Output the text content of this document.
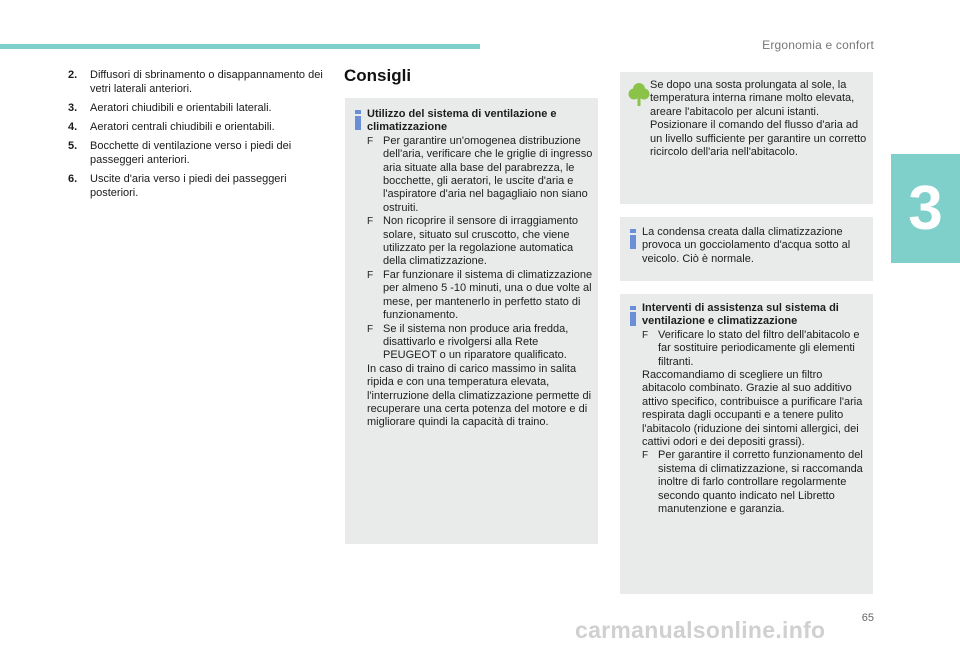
Ergonomia e confort
3
2. Diffusori di sbrinamento o disappannamento dei vetri laterali anteriori.
3. Aeratori chiudibili e orientabili laterali.
4. Aeratori centrali chiudibili e orientabili.
5. Bocchette di ventilazione verso i piedi dei passeggeri anteriori.
6. Uscite d'aria verso i piedi dei passeggeri posteriori.
Consigli
Utilizzo del sistema di ventilazione e climatizzazione
F Per garantire un'omogenea distribuzione dell'aria, verificare che le griglie di ingresso aria situate alla base del parabrezza, le bocchette, gli aeratori, le uscite d'aria e l'aspiratore d'aria nel bagagliaio non siano ostruiti.
F Non ricoprire il sensore di irraggiamento solare, situato sul cruscotto, che viene utilizzato per la regolazione automatica della climatizzazione.
F Far funzionare il sistema di climatizzazione per almeno 5 -10 minuti, una o due volte al mese, per mantenerlo in perfetto stato di funzionamento.
F Se il sistema non produce aria fredda, disattivarlo e rivolgersi alla Rete PEUGEOT o un riparatore qualificato.
In caso di traino di carico massimo in salita ripida e con una temperatura elevata, l'interruzione della climatizzazione permette di recuperare una certa potenza del motore e di migliorare quindi la capacità di traino.
Se dopo una sosta prolungata al sole, la temperatura interna rimane molto elevata, areare l'abitacolo per alcuni istanti.
Posizionare il comando del flusso d'aria ad un livello sufficiente per garantire un corretto ricircolo dell'aria nell'abitacolo.
La condensa creata dalla climatizzazione provoca un gocciolamento d'acqua sotto al veicolo. Ciò è normale.
Interventi di assistenza sul sistema di ventilazione e climatizzazione
F Verificare lo stato del filtro dell'abitacolo e far sostituire periodicamente gli elementi filtranti.
Raccomandiamo di scegliere un filtro abitacolo combinato. Grazie al suo additivo attivo specifico, contribuisce a purificare l'aria respirata dagli occupanti e a tenere pulito l'abitacolo (riduzione dei sintomi allergici, dei cattivi odori e dei depositi grassi).
F Per garantire il corretto funzionamento del sistema di climatizzazione, si raccomanda inoltre di farlo controllare regolarmente secondo quanto indicato nel Libretto manutenzione e garanzia.
65
carmanualsonline.info
